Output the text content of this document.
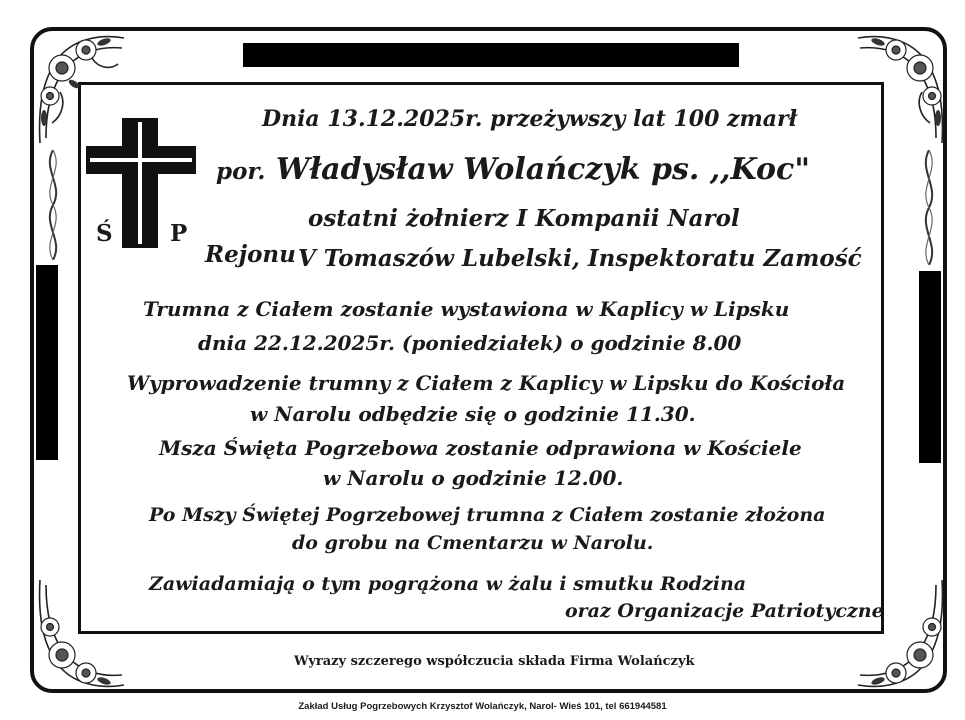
Ś P
Dnia 13.12.2025r. przeżywszy lat 100 zmarł
por. Władysław Wolańczyk ps. ,,Koc"
ostatni żołnierz I Kompanii Narol
RejonuV Tomaszów Lubelski, Inspektoratu Zamość
Trumna z Ciałem zostanie wystawiona w Kaplicy w Lipsku
dnia 22.12.2025r. (poniedziałek) o godzinie 8.00
Wyprowadzenie trumny z Ciałem z Kaplicy w Lipsku do Kościoła
w Narolu odbędzie się o godzinie 11.30.
Msza Święta Pogrzebowa zostanie odprawiona w Kościele
w Narolu o godzinie 12.00.
Po Mszy Świętej Pogrzebowej trumna z Ciałem zostanie złożona
do grobu na Cmentarzu w Narolu.
Zawiadamiają o tym pogrążona w żalu i smutku Rodzina
oraz Organizacje Patriotyczne
Wyrazy szczerego współczucia składa Firma Wolańczyk
Zakład Usług Pogrzebowych Krzysztof Wolańczyk, Narol- Wieś 101, tel 661944581
